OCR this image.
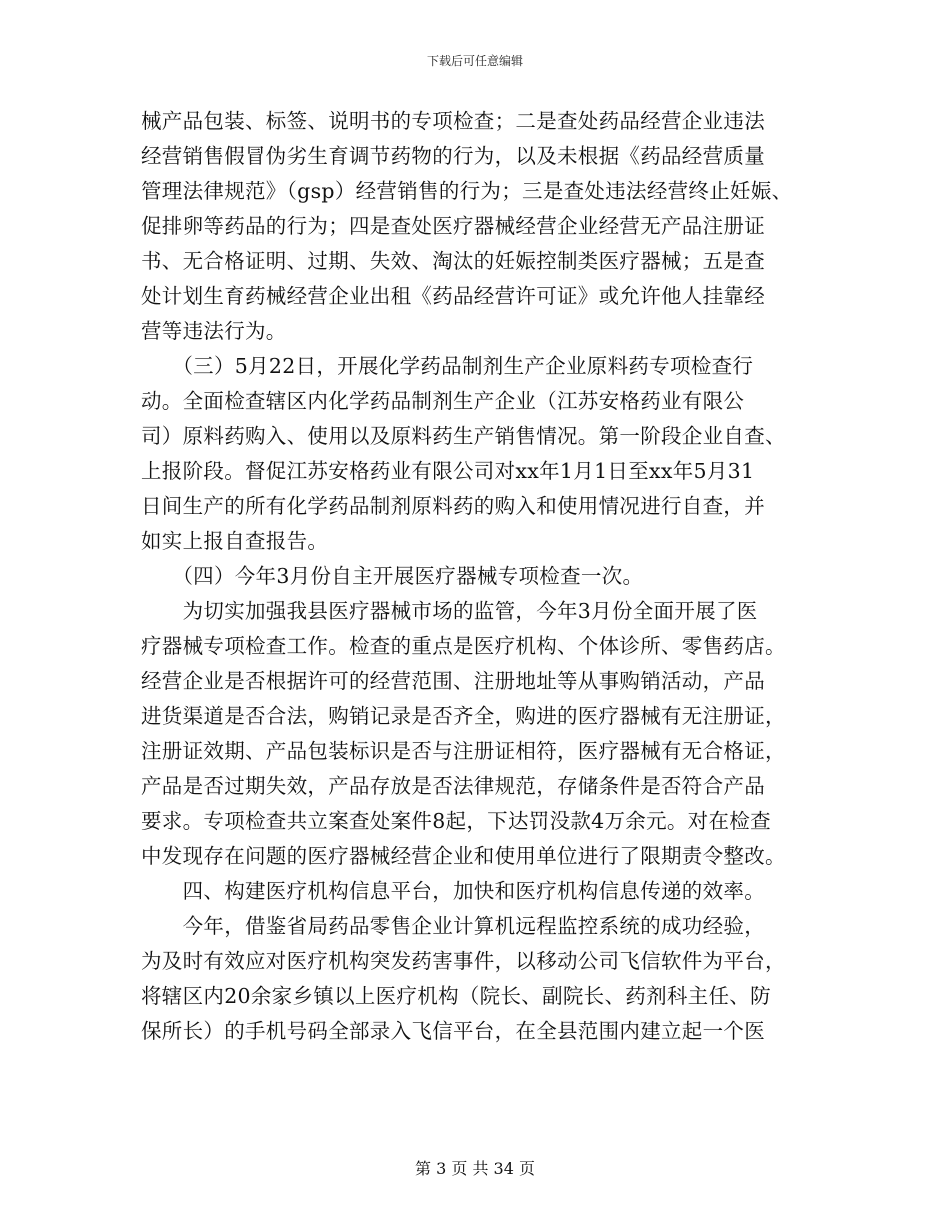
下载后可任意编辑
械产品包装、标签、说明书的专项检查；二是查处药品经营企业违法
经营销售假冒伪劣生育调节药物的行为，以及未根据《药品经营质量
管理法律规范》（gsp）经营销售的行为；三是查处违法经营终止妊娠、
促排卵等药品的行为；四是查处医疗器械经营企业经营无产品注册证
书、无合格证明、过期、失效、淘汰的妊娠控制类医疗器械；五是查
处计划生育药械经营企业出租《药品经营许可证》或允许他人挂靠经
营等违法行为。
　　（三）5月22日，开展化学药品制剂生产企业原料药专项检查行
动。全面检查辖区内化学药品制剂生产企业（江苏安格药业有限公
司）原料药购入、使用以及原料药生产销售情况。第一阶段企业自查、
上报阶段。督促江苏安格药业有限公司对xx年1月1日至xx年5月31
日间生产的所有化学药品制剂原料药的购入和使用情况进行自查，并
如实上报自查报告。
　　（四）今年3月份自主开展医疗器械专项检查一次。
　　为切实加强我县医疗器械市场的监管，今年3月份全面开展了医
疗器械专项检查工作。检查的重点是医疗机构、个体诊所、零售药店。
经营企业是否根据许可的经营范围、注册地址等从事购销活动，产品
进货渠道是否合法，购销记录是否齐全，购进的医疗器械有无注册证，
注册证效期、产品包装标识是否与注册证相符，医疗器械有无合格证，
产品是否过期失效，产品存放是否法律规范，存储条件是否符合产品
要求。专项检查共立案查处案件8起，下达罚没款4万余元。对在检查
中发现存在问题的医疗器械经营企业和使用单位进行了限期责令整改。
　　四、构建医疗机构信息平台，加快和医疗机构信息传递的效率。
　　今年，借鉴省局药品零售企业计算机远程监控系统的成功经验，
为及时有效应对医疗机构突发药害事件，以移动公司飞信软件为平台，
将辖区内20余家乡镇以上医疗机构（院长、副院长、药剂科主任、防
保所长）的手机号码全部录入飞信平台，在全县范围内建立起一个医
第 3 页 共 34 页
